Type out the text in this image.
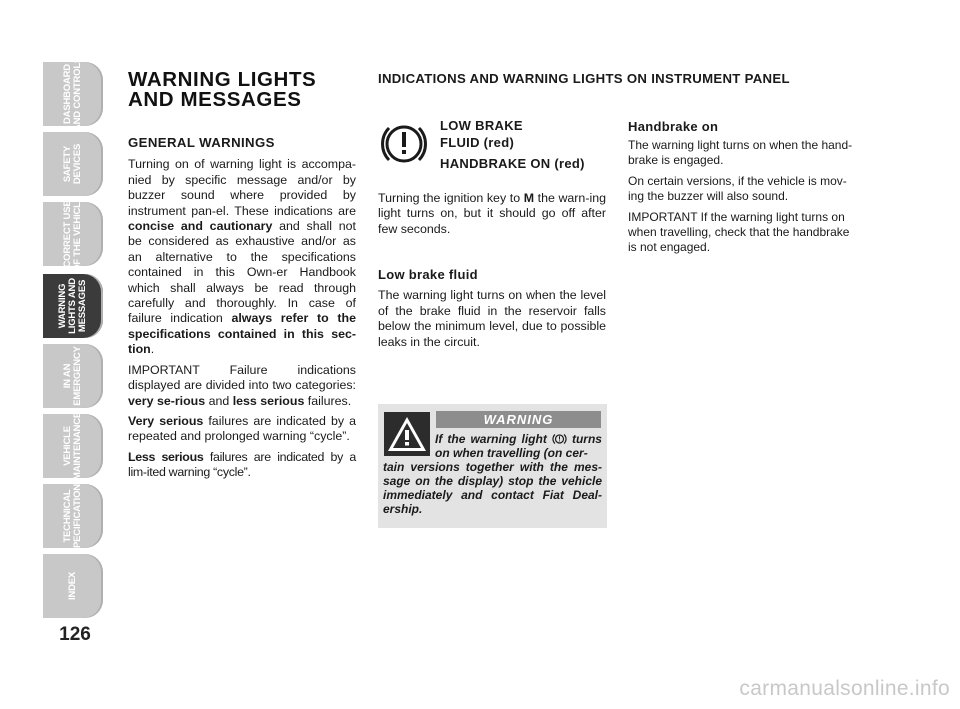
DASHBOARD
AND CONTROLS
SAFETY
DEVICES
CORRECT USE
OF THE VEHICLE
WARNING
LIGHTS AND
MESSAGES
IN AN
EMERGENCY
VEHICLE
MAINTENANCE
TECHNICAL
SPECIFICATIONS
INDEX
126
WARNING LIGHTS
AND MESSAGES

GENERAL WARNINGS

Turning on of warning light is accompa-nied by specific message and/or by buzzer sound where provided by instrument pan-el. These indications are concise and cautionary and shall not be considered as exhaustive and/or as an alternative to the specifications contained in this Own-er Handbook which shall always be read through carefully and thoroughly. In case of failure indication always refer to the specifications contained in this sec-tion.

IMPORTANT Failure indications displayed are divided into two categories: very se-rious and less serious failures.

Very serious failures are indicated by a repeated and prolonged warning “cycle”.

Less serious failures are indicated by a lim-ited warning “cycle”.

INDICATIONS AND WARNING LIGHTS ON INSTRUMENT PANEL
LOW BRAKE
FLUID (red)
HANDBRAKE ON (red)

Turning the ignition key to M the warn-ing light turns on, but it should go off after few seconds.

Low brake fluid

The warning light turns on when the level of the brake fluid in the reservoir falls below the minimum level, due to possible leaks in the circuit.

Handbrake on

The warning light turns on when the hand-brake is engaged.

On certain versions, if the vehicle is mov-ing the buzzer will also sound.

IMPORTANT If the warning light turns on when travelling, check that the handbrake is not engaged.

WARNING
If the warning light turns on when travelling (on cer-
tain versions together with the mes-sage on the display) stop the vehicle immediately and contact Fiat Deal-ership.
carmanualsonline.info
